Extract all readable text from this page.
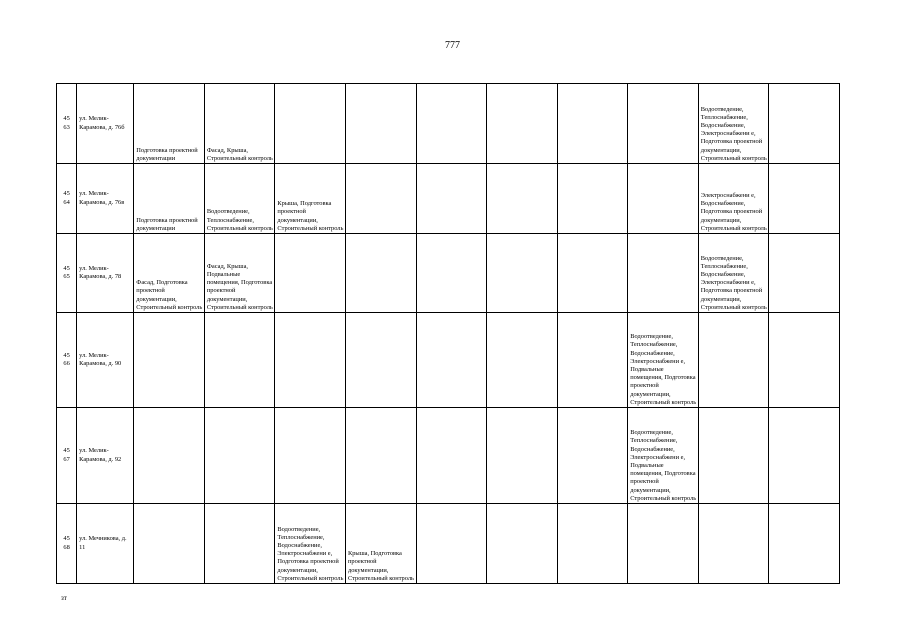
777
45
63	ул. Мелик-Карамова, д. 76б	Подготовка проектной документации	Фасад, Крыша, Строительный контроль							Водоотведение, Теплоснабжение, Водоснабжение, Электроснабжени е, Подготовка проектной документации, Строительный контроль	
45
64	ул. Мелик-Карамова, д. 76в	Подготовка проектной документации	Водоотведение, Теплоснабжение, Строительный контроль	Крыша, Подготовка проектной документации, Строительный контроль						Электроснабжени е, Водоснабжение, Подготовка проектной документации, Строительный контроль	
45
65	ул. Мелик-Карамова, д. 78	Фасад, Подготовка проектной документации, Строительный контроль	Фасад, Крыша, Подвальные помещения, Подготовка проектной документации, Строительный контроль							Водоотведение, Теплоснабжение, Водоснабжение, Электроснабжени е, Подготовка проектной документации, Строительный контроль	
45
66	ул. Мелик-Карамова, д. 90								Водоотведение, Теплоснабжение, Водоснабжение, Электроснабжени е, Подвальные помещения, Подготовка проектной документации, Строительный контроль		
45
67	ул. Мелик-Карамова, д. 92								Водоотведение, Теплоснабжение, Водоснабжение, Электроснабжени е, Подвальные помещения, Подготовка проектной документации, Строительный контроль		
45
68	ул. Мечникова, д. 11			Водоотведение, Теплоснабжение, Водоснабжение, Электроснабжени е, Подготовка проектной документации, Строительный контроль	Крыша, Подготовка проектной документации, Строительный контроль						
зт
